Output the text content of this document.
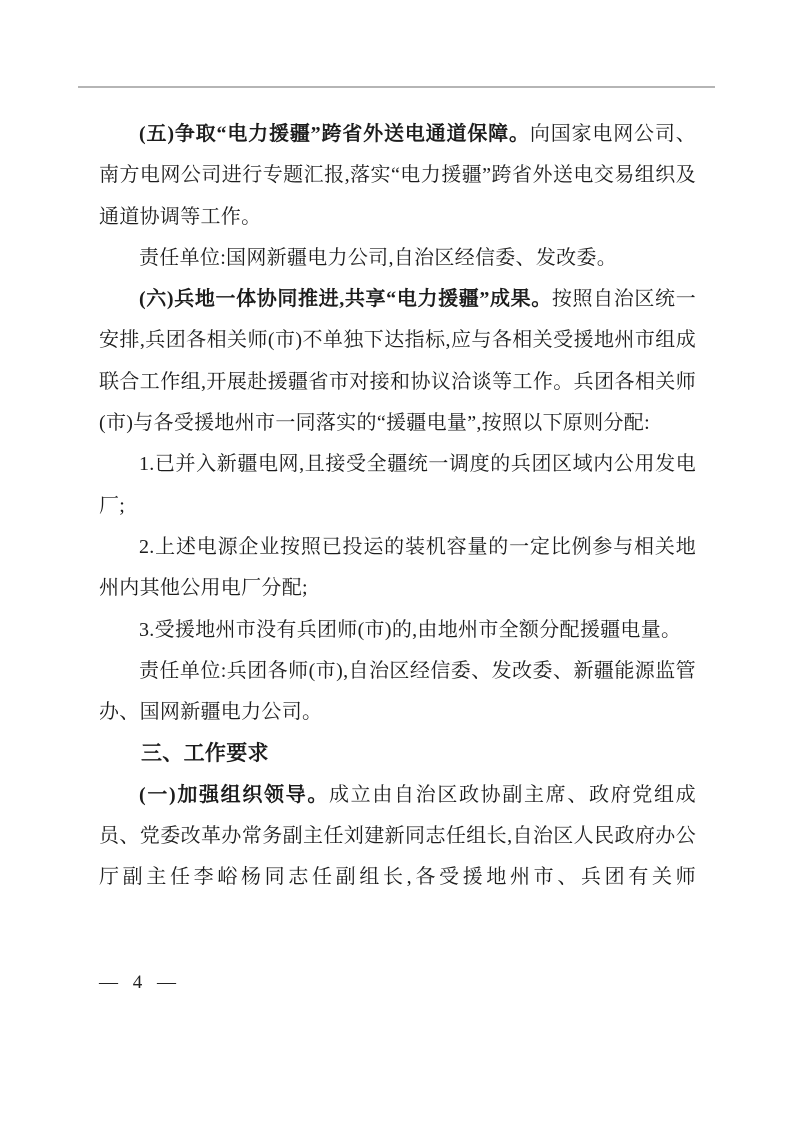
(五)争取“电力援疆”跨省外送电通道保障。向国家电网公司、南方电网公司进行专题汇报,落实“电力援疆”跨省外送电交易组织及通道协调等工作。

责任单位:国网新疆电力公司,自治区经信委、发改委。

(六)兵地一体协同推进,共享“电力援疆”成果。按照自治区统一安排,兵团各相关师(市)不单独下达指标,应与各相关受援地州市组成联合工作组,开展赴援疆省市对接和协议洽谈等工作。兵团各相关师(市)与各受援地州市一同落实的“援疆电量”,按照以下原则分配:

1.已并入新疆电网,且接受全疆统一调度的兵团区域内公用发电厂;

2.上述电源企业按照已投运的装机容量的一定比例参与相关地州内其他公用电厂分配;

3.受援地州市没有兵团师(市)的,由地州市全额分配援疆电量。

责任单位:兵团各师(市),自治区经信委、发改委、新疆能源监管办、国网新疆电力公司。

三、工作要求

(一)加强组织领导。成立由自治区政协副主席、政府党组成员、党委改革办常务副主任刘建新同志任组长,自治区人民政府办公厅副主任李峪杨同志任副组长,各受援地州市、兵团有关师

— 4 —
